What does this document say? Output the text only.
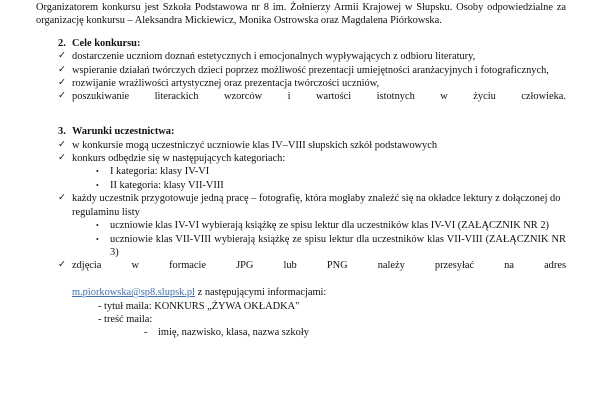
Organizatorem konkursu jest Szkoła Podstawowa nr 8 im. Żołnierzy Armii Krajowej w Słupsku. Osoby odpowiedzialne za organizację konkursu – Aleksandra Mickiewicz, Monika Ostrowska oraz Magdalena Piórkowska.

2. Cele konkursu:
✓ dostarczenie uczniom doznań estetycznych i emocjonalnych wypływających z odbioru literatury,
✓ wspieranie działań twórczych dzieci poprzez możliwość prezentacji umiejętności aranżacyjnych i fotograficznych,
✓ rozwijanie wrażliwości artystycznej oraz prezentacja twórczości uczniów,
✓ poszukiwanie literackich wzorców i wartości istotnych w życiu człowieka.
3. Warunki uczestnictwa:
✓ w konkursie mogą uczestniczyć uczniowie klas IV–VIII słupskich szkół podstawowych
✓ konkurs odbędzie się w następujących kategoriach:
•	I kategoria: klasy IV-VI
•	II kategoria: klasy VII-VIII
✓ każdy uczestnik przygotowuje jedną pracę – fotografię, która mogłaby znaleźć się na okładce lektury z dołączonej do regulaminu listy
•	uczniowie klas IV-VI wybierają książkę ze spisu lektur dla uczestników klas IV-VI (ZAŁĄCZNIK NR 2)
•	uczniowie klas VII-VIII wybierają książkę ze spisu lektur dla uczestników klas VII-VIII (ZAŁĄCZNIK NR 3)
✓ zdjęcia w formacie JPG lub PNG należy przesyłać na adres
m.piorkowska@sp8.slupsk.pl z następującymi informacjami:
- tytuł maila: KONKURS „ŻYWA OKŁADKA"
- treść maila:
-	imię, nazwisko, klasa, nazwa szkoły
